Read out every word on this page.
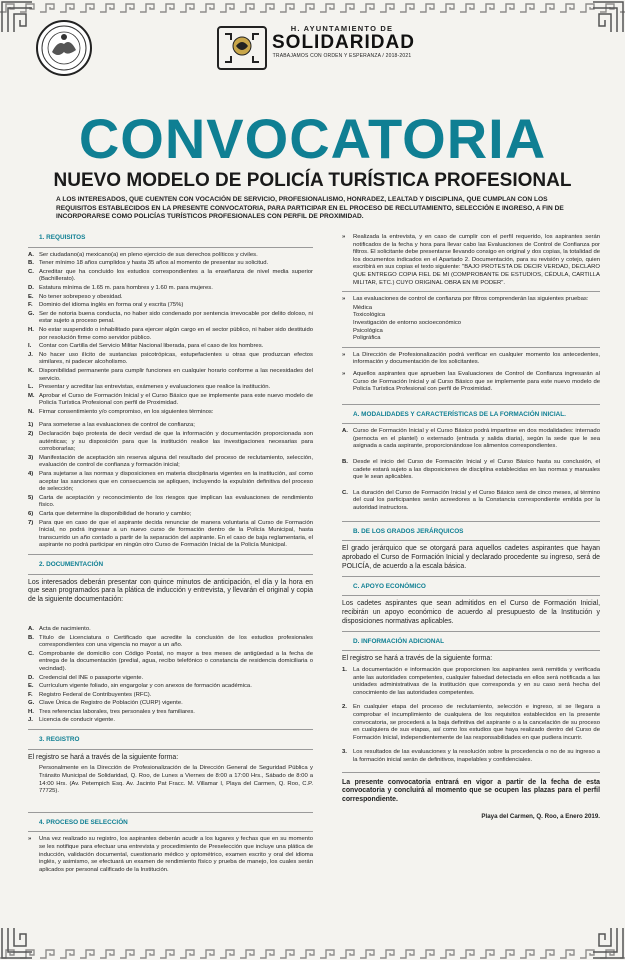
H. AYUNTAMIENTO DE
SOLIDARIDAD
TRABAJAMOS CON ORDEN Y ESPERANZA / 2018-2021
CONVOCATORIA
NUEVO MODELO DE POLICÍA TURÍSTICA PROFESIONAL
A LOS INTERESADOS, QUE CUENTEN CON VOCACIÓN DE SERVICIO, PROFESIONALISMO, HONRADEZ, LEALTAD Y DISCIPLINA, QUE CUMPLAN CON LOS REQUISITOS ESTABLECIDOS EN LA PRESENTE CONVOCATORIA, PARA PARTICIPAR EN EL PROCESO DE RECLUTAMIENTO, SELECCIÓN E INGRESO, A FIN DE INCORPORARSE COMO POLICÍAS TURÍSTICOS PROFESIONALES CON PERFIL DE PROXIMIDAD.
1. REQUISITOS
A. Ser ciudadano(a) mexicano(a) en pleno ejercicio de sus derechos políticos y civiles.
B. Tener mínimo 18 años cumplidos y hasta 35 años al momento de presentar su solicitud.
C. Acreditar que ha concluido los estudios correspondientes a la enseñanza de nivel media superior (Bachillerato).
D. Estatura mínima de 1.65 m. para hombres y 1.60 m. para mujeres.
E. No tener sobrepeso y obesidad.
F.	Dominio del idioma inglés en forma oral y escrita (75%)
G. Ser de notoria buena conducta, no haber sido condenado por sentencia irrevocable por delito doloso, ni estar sujeto a proceso penal.
H. No estar suspendido o inhabilitado para ejercer algún cargo en el sector público, ni haber sido destituido por resolución firme como servidor público.
I.	Contar con Cartilla del Servicio Militar Nacional liberada, para el caso de los hombres.
J.	No hacer uso ilícito de sustancias psicotrópicas, estupefacientes u otras que produzcan efectos similares, ni padecer alcoholismo.
K. Disponibilidad permanente para cumplir funciones en cualquier horario conforme a las necesidades del servicio.
L. Presentar y acreditar las entrevistas, exámenes y evaluaciones que realice la institución.
M. Aprobar el Curso de Formación Inicial y el Curso Básico que se implemente para este nuevo modelo de Policía Turística Profesional con perfil de Proximidad.
N. Firmar consentimiento y/o compromiso, en los siguientes términos:
1) Para someterse a las evaluaciones de control de confianza;
2) Declaración bajo protesta de decir verdad de que la información y documentación proporcionada son auténticas; y su disposición para que la institución realice las investigaciones necesarias para corroborarlas;
3) Manifestación de aceptación sin reserva alguna del resultado del proceso de reclutamiento, selección, evaluación de control de confianza y formación inicial;
4) Para sujetarse a las normas y disposiciones en materia disciplinaria vigentes en la institución, así como aceptar las sanciones que en consecuencia se apliquen, incluyendo la expulsión definitiva del proceso de selección;
5) Carta de aceptación y reconocimiento de los riesgos que implican las evaluaciones de rendimiento físico.
6) Carta que determine la disponibilidad de horario y cambio;
7) Para que en caso de que el aspirante decida renunciar de manera voluntaria al Curso de Formación Inicial, no podrá ingresar a un nuevo curso de formación dentro de la Policía Municipal, hasta transcurrido un año contado a partir de la separación del aspirante. En el caso de baja reglamentaria, el aspirante no podrá participar en ningún otro Curso de Formación Inicial de la Policía Municipal.
2. DOCUMENTACIÓN
Los interesados deberán presentar con quince minutos de anticipación, el día y la hora en que sean programados para la plática de inducción y entrevista, y llevarán el original y copia de la siguiente documentación:
A. Acta de nacimiento.
B. Título de Licenciatura o Certificado que acredite la conclusión de los estudios profesionales correspondientes con una vigencia no mayor a un año.
C. Comprobante de domicilio con Código Postal, no mayor a tres meses de antigüedad a la fecha de entrega de la documentación (predial, agua, recibo telefónico o constancia de residencia domiciliaria o vecindad).
D. Credencial del INE o pasaporte vigente.
E. Currículum vigente foliado, sin engargolar y con anexos de formación académica.
F.	Registro Federal de Contribuyentes (RFC).
G. Clave Única de Registro de Población (CURP) vigente.
H. Tres referencias laborales, tres personales y tres familiares.
J.	Licencia de conducir vigente.
3. REGISTRO
El registro se hará a través de la siguiente forma:
Personalmente en la Dirección de Profesionalización de la Dirección General de Seguridad Pública y Tránsito Municipal de Solidaridad, Q. Roo, de Lunes a Viernes de 8:00 a 17:00 Hrs., Sábado de 8:00 a 14:00 Hrs. (Av. Petempich Esq. Av. Jacinto Pat Fracc. M. Villamar I, Playa del Carmen, Q. Roo, C.P. 77725).
4. PROCESO DE SELECCIÓN
»	Una vez realizado su registro, los aspirantes deberán acudir a los lugares y fechas que en su momento se les notifique para efectuar una entrevista y procedimiento de Preselección que incluye una plática de inducción, validación documental, cuestionario médico y optométrico, examen escrito y oral del idioma inglés, y asimismo, se efectuará un examen de rendimiento físico y prueba de manejo, los cuales serán aplicados por personal calificado de la Institución.
»	Realizada la entrevista, y en caso de cumplir con el perfil requerido, los aspirantes serán notificados de la fecha y hora para llevar cabo las Evaluaciones de Control de Confianza por filtros. El solicitante debe presentarse llevando consigo en original y dos copias, la totalidad de los documentos indicados en el Apartado 2. Documentación, para su revisión y cotejo, quien escribirá en sus copias el texto siguiente: "BAJO PROTESTA DE DECIR VERDAD, DECLARO QUE ENTREGO COPIA FIEL DE MI (COMPROBANTE DE ESTUDIOS, CÉDULA, CARTILLA MILITAR, ETC.) CUYO ORIGINAL OBRA EN MI PODER".
»	Las evaluaciones de control de confianza por filtros comprenderán las siguientes pruebas:
Médica
Toxicológica
Investigación de entorno socioeconómico
Psicológica
Poligráfica
»	La Dirección de Profesionalización podrá verificar en cualquier momento los antecedentes, información y documentación de los solicitantes.
»	Aquellos aspirantes que aprueben las Evaluaciones de Control de Confianza ingresarán al Curso de Formación Inicial y al Curso Básico que se implemente para este nuevo modelo de Policía Turística Profesional con perfil de Proximidad.
A. MODALIDADES Y CARACTERÍSTICAS DE LA FORMACIÓN INICIAL.
A. Curso de Formación Inicial y el Curso Básico podrá impartirse en dos modalidades: internado (pernocta en el plantel) o externado (entrada y salida diaria), según la sede que le sea asignada a cada aspirante, proporcionándose los alimentos correspondientes.
B. Desde el inicio del Curso de Formación Inicial y el Curso Básico hasta su conclusión, el cadete estará sujeto a las disposiciones de disciplina establecidas en las normas y manuales que le sean aplicables.
C. La duración del Curso de Formación Inicial y el Curso Básico será de cinco meses, al término del cual los participantes serán acreedores a la Constancia correspondiente emitida por la autoridad instructora.
B. DE LOS GRADOS JERÁRQUICOS
El grado jerárquico que se otorgará para aquellos cadetes aspirantes que hayan aprobado el Curso de Formación Inicial y declarado procedente su ingreso, será de POLICÍA, de acuerdo a la escala básica.
C. APOYO ECONÓMICO
Los cadetes aspirantes que sean admitidos en el Curso de Formación Inicial, recibirán un apoyo económico de acuerdo al presupuesto de la Institución y disposiciones normativas aplicables.
D. INFORMACIÓN ADICIONAL
El registro se hará a través de la siguiente forma:
1.	La documentación e información que proporcionen los aspirantes será remitida y verificada ante las autoridades competentes, cualquier falsedad detectada en ellos será notificada a las unidades administrativas de la institución que corresponda y en su caso será hecha del conocimiento de las autoridades competentes.
2.	En cualquier etapa del proceso de reclutamiento, selección e ingreso, si se llegara a comprobar el incumplimiento de cualquiera de los requisitos establecidos en la presente convocatoria, se procederá a la baja definitiva del aspirante o a la cancelación de su proceso en cualquiera de sus etapas, así como los estudios que haya realizado dentro del Curso de Formación Inicial, independientemente de las responsabilidades en que pudiera incurrir.
3.	Los resultados de las evaluaciones y la resolución sobre la procedencia o no de su ingreso a la formación inicial serán de definitivos, inapelables y confidenciales.
La presente convocatoria entrará en vigor a partir de la fecha de esta convocatoria y concluirá al momento que se ocupen las plazas para el perfil correspondiente.
Playa del Carmen, Q. Roo, a Enero 2019.
